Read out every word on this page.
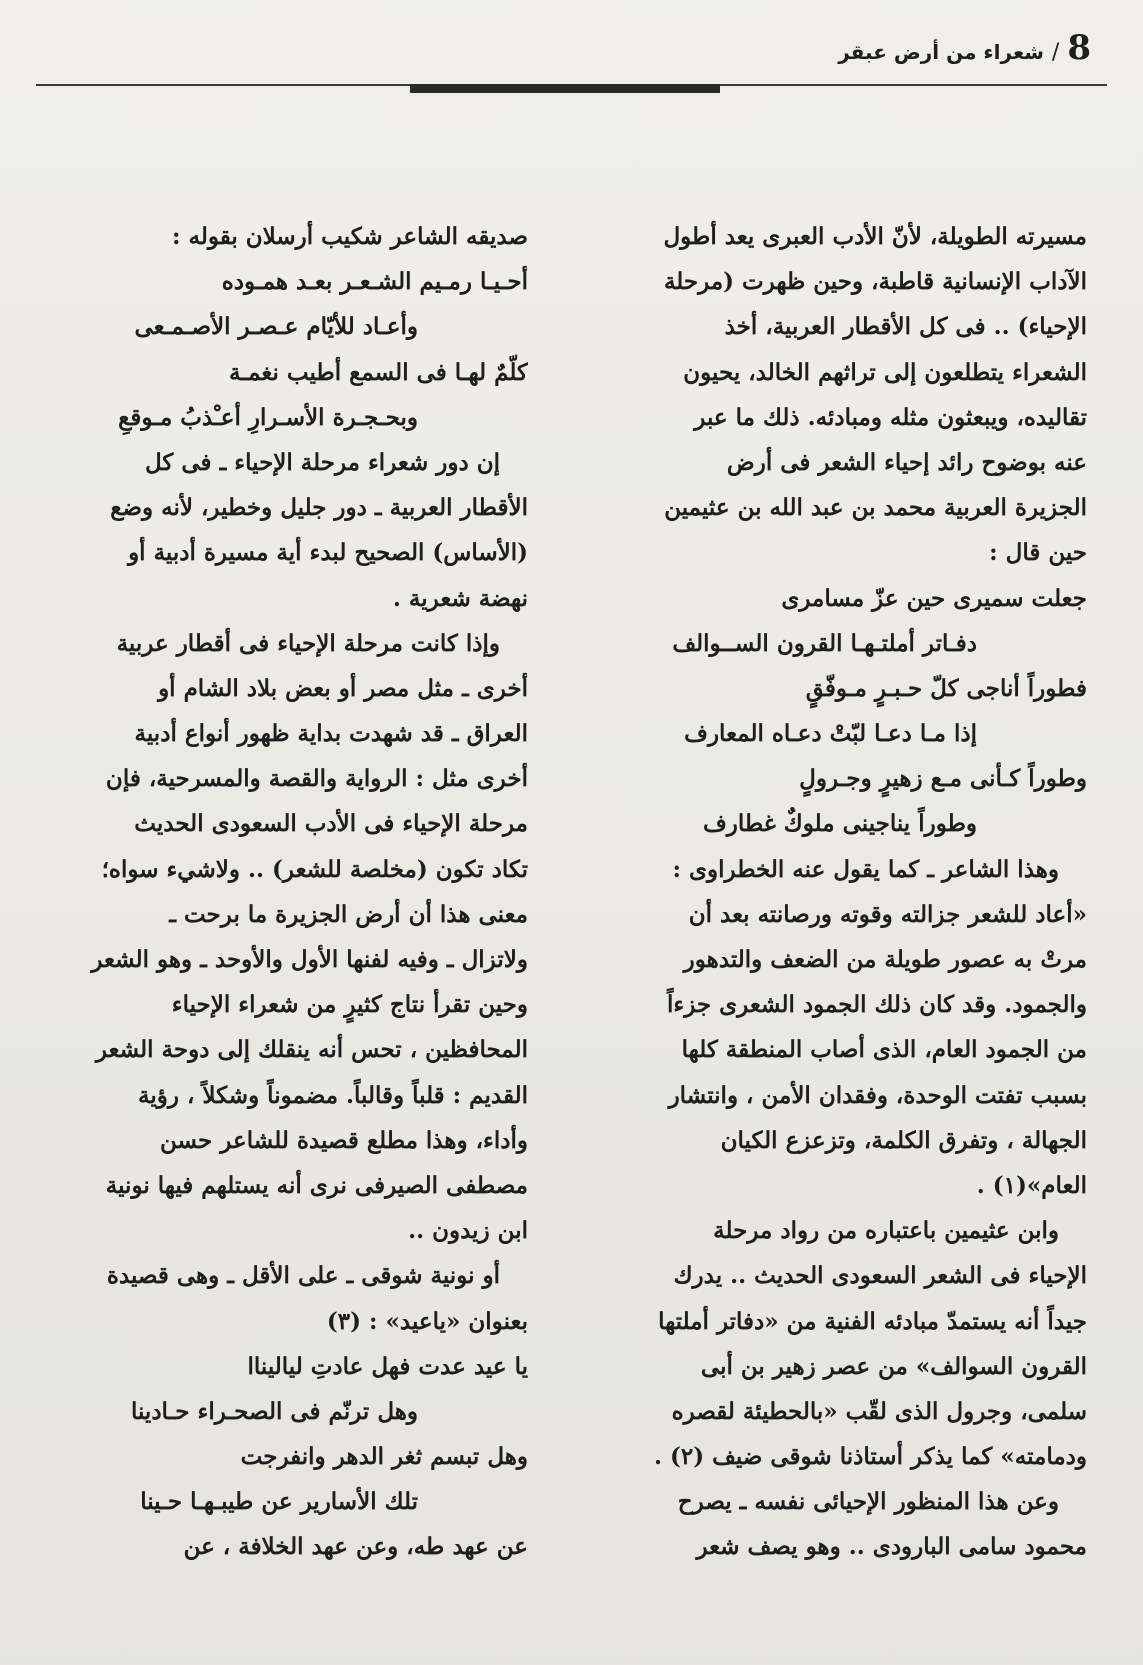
8
/
شعراء من أرض عبقر
مسيرته الطويلة، لأنّ الأدب العبرى يعد أطول
الآداب الإنسانية قاطبة، وحين ظهرت (مرحلة
الإحياء) .. فى كل الأقطار العربية، أخذ
الشعراء يتطلعون إلى تراثهم الخالد، يحيون
تقاليده، ويبعثون مثله ومبادئه. ذلك ما عبر
عنه بوضوح رائد إحياء الشعر فى أرض
الجزيرة العربية محمد بن عبد الله بن عثيمين
حين قال :
جعلت سميرى حين عزّ مسامرى
دفـاتر أملتـهـا القرون الســوالف
فطوراً أناجى كلّ حـبـرٍ مـوفّقٍ
إذا مـا دعـا لبّتْ دعـاه المعارف
وطوراً كـأنى مـع زهيرٍ وجـرولٍ
وطوراً يناجينى ملوكٌ غطارف
وهذا الشاعر ـ كما يقول عنه الخطراوى :
«أعاد للشعر جزالته وقوته ورصانته بعد أن
مرتْ به عصور طويلة من الضعف والتدهور
والجمود. وقد كان ذلك الجمود الشعرى جزءاً
من الجمود العام، الذى أصاب المنطقة كلها
بسبب تفتت الوحدة، وفقدان الأمن ، وانتشار
الجهالة ، وتفرق الكلمة، وتزعزع الكيان
العام»(١) .
وابن عثيمين باعتباره من رواد مرحلة
الإحياء فى الشعر السعودى الحديث .. يدرك
جيداً أنه يستمدّ مبادئه الفنية من «دفاتر أملتها
القرون السوالف» من عصر زهير بن أبى
سلمى، وجرول الذى لقّب «بالحطيئة لقصره
ودمامته» كما يذكر أستاذنا شوقى ضيف (٢) .
وعن هذا المنظور الإحيائى نفسه ـ يصرح
محمود سامى البارودى .. وهو يصف شعر
صديقه الشاعر شكيب أرسلان بقوله :
أحـيـا رمـيم الشـعـر بعـد همـوده
وأعـاد للأيّام عـصـر الأصـمـعى
كلّمٌ لهـا فى السمع أطيب نغمـة
وبحـجـرة الأسـرارِ أعـْذبُ مـوقعِ
إن دور شعراء مرحلة الإحياء ـ فى كل
الأقطار العربية ـ دور جليل وخطير، لأنه وضع
(الأساس) الصحيح لبدء أية مسيرة أدبية أو
نهضة شعرية .
وإذا كانت مرحلة الإحياء فى أقطار عربية
أخرى ـ مثل مصر أو بعض بلاد الشام أو
العراق ـ قد شهدت بداية ظهور أنواع أدبية
أخرى مثل : الرواية والقصة والمسرحية، فإن
مرحلة الإحياء فى الأدب السعودى الحديث
تكاد تكون (مخلصة للشعر) .. ولاشيء سواه؛
معنى هذا أن أرض الجزيرة ما برحت ـ
ولاتزال ـ وفيه لفنها الأول والأوحد ـ وهو الشعر
وحين تقرأ نتاج كثيرٍ من شعراء الإحياء
المحافظين ، تحس أنه ينقلك إلى دوحة الشعر
القديم : قلباً وقالباً. مضموناً وشكلاً ، رؤية
وأداء، وهذا مطلع قصيدة للشاعر حسن
مصطفى الصيرفى نرى أنه يستلهم فيها نونية
ابن زيدون ..
أو نونية شوقى ـ على الأقل ـ وهى قصيدة
بعنوان «ياعيد» : (٣)
يا عيد عدت فهل عادتِ لياليناا
وهل ترنّم فى الصحـراء حـادينا
وهل تبسم ثغر الدهر وانفرجت
تلك الأسارير عن طيبـهـا حـينا
عن عهد طه، وعن عهد الخلافة ، عن
